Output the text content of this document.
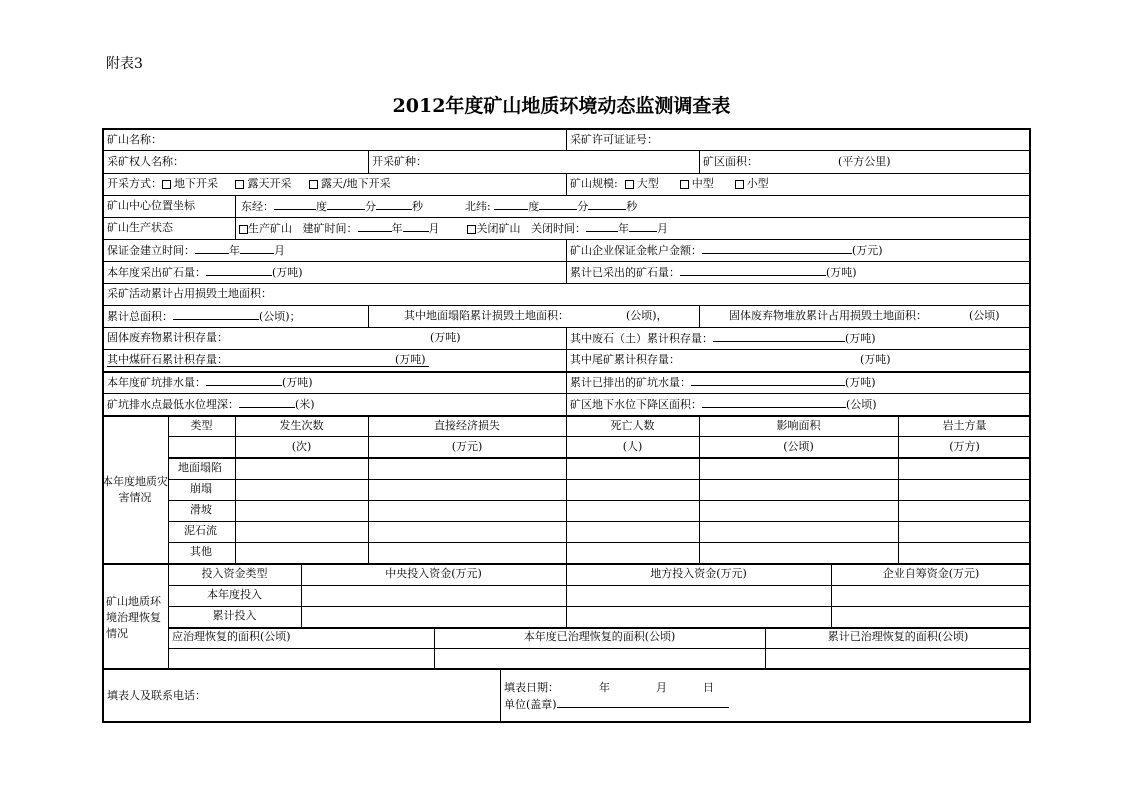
附表3
2012年度矿山地质环境动态监测调查表
矿山名称：	采矿许可证证号：
采矿权人名称：	开采矿种：	矿区面积：	(平方公里)
开采方式： 地下开采	露天开采	露天/地下开采	矿山规模: 大型	中型	小型
矿山中心位置坐标	东经：	度	分	秒	北纬:	度	分	秒
矿山生产状态	生产矿山 建矿时间：	年 月	关闭矿山 关闭时间：	年	月
保证金建立时间：	年	月	矿山企业保证金帐户金额：	(万元)
本年度采出矿石量：	(万吨)	累计已采出的矿石量：	(万吨)
采矿活动累计占用损毁土地面积：
累计总面积：	(公顷)；	其中地面塌陷累计损毁土地面积：	(公顷)，	固体废弃物堆放累计占用损毁土地面积：	(公顷)
固体废弃物累计积存量：	(万吨)	其中废石（土）累计积存量：	(万吨)
其中煤矸石累计积存量：	(万吨)	其中尾矿累计积存量：	(万吨)
本年度矿坑排水量：	(万吨)	累计已排出的矿坑水量：	(万吨)
矿坑排水点最低水位埋深：	(米)	矿区地下水位下降区面积：	(公顷)
本年度地质灾害情况
类型	发生次数	直接经济损失	死亡人数	影响面积	岩土方量
(次)	(万元)	(人)	(公顷)	(万方)
地面塌陷
崩塌
滑坡
泥石流
其他
矿山地质环境治理恢复情况
投入资金类型	中央投入资金(万元)	地方投入资金(万元)	企业自筹资金(万元)
本年度投入
累计投入
应治理恢复的面积(公顷)	本年度已治理恢复的面积(公顷)	累计已治理恢复的面积(公顷)
填表人及联系电话：
填表日期：	年	月	日
单位(盖章)
